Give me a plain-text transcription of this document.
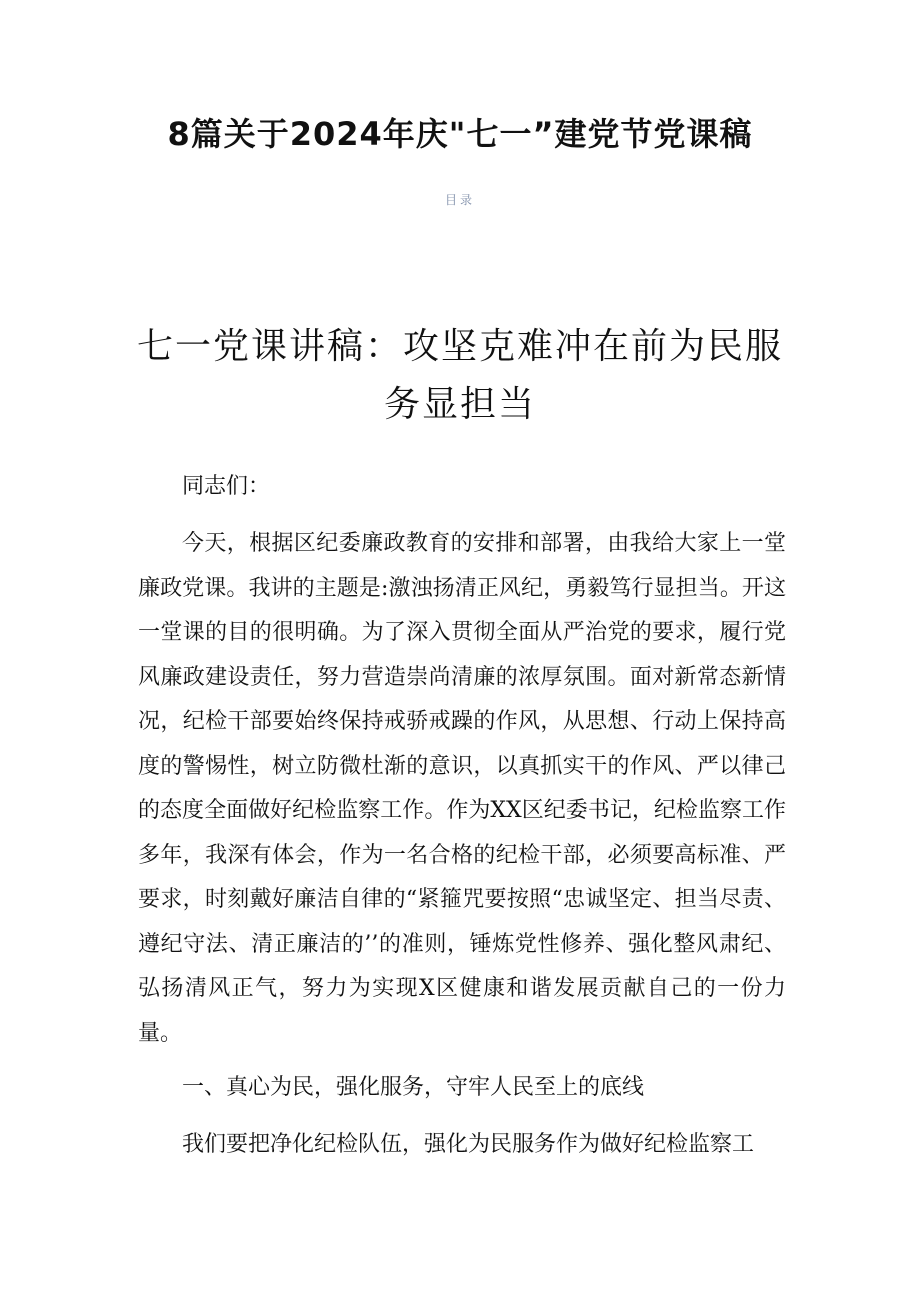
8篇关于2024年庆"七一”建党节党课稿
目录
七一党课讲稿：攻坚克难冲在前为民服务显担当

同志们：

今天，根据区纪委廉政教育的安排和部署，由我给大家上一堂廉政党课。我讲的主题是:激浊扬清正风纪，勇毅笃行显担当。开这一堂课的目的很明确。为了深入贯彻全面从严治党的要求，履行党风廉政建设责任，努力营造崇尚清廉的浓厚氛围。面对新常态新情况，纪检干部要始终保持戒骄戒躁的作风，从思想、行动上保持高度的警惕性，树立防微杜渐的意识，以真抓实干的作风、严以律己的态度全面做好纪检监察工作。作为XX区纪委书记，纪检监察工作多年，我深有体会，作为一名合格的纪检干部，必须要高标准、严要求，时刻戴好廉洁自律的“紧箍咒要按照“忠诚坚定、担当尽责、遵纪守法、清正廉洁的’’的准则，锤炼党性修养、强化整风肃纪、弘扬清风正气，努力为实现X区健康和谐发展贡献自己的一份力量。

一、真心为民，强化服务，守牢人民至上的底线

我们要把净化纪检队伍，强化为民服务作为做好纪检监察工
